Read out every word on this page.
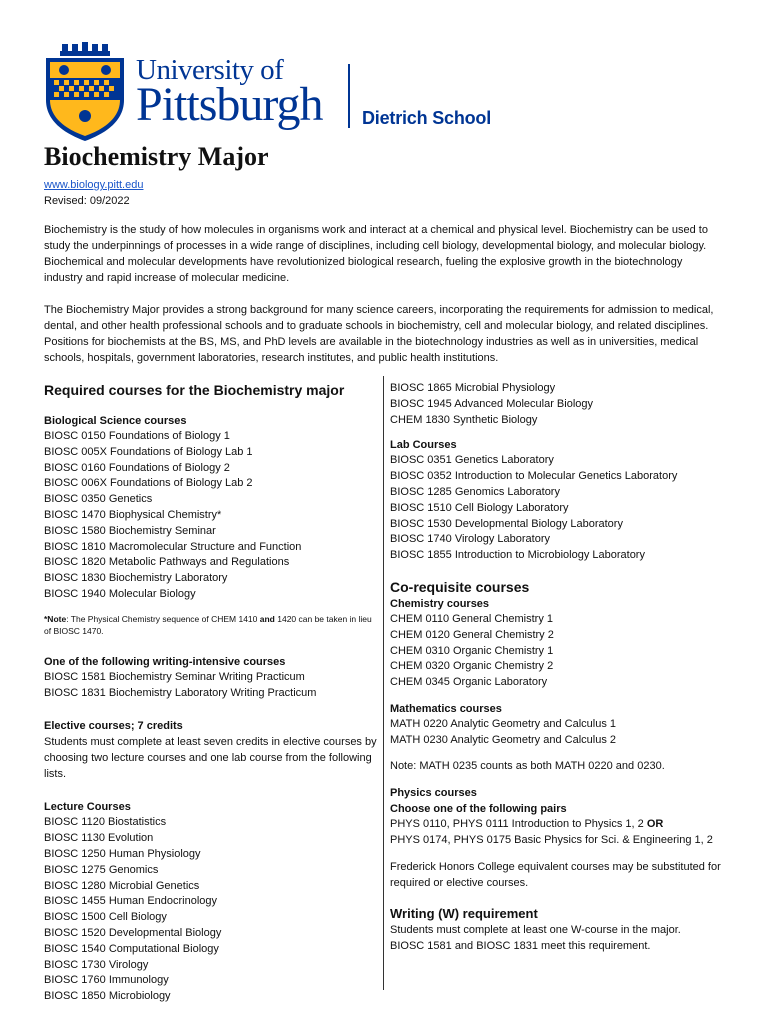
University of
Pittsburgh Dietrich School
Biochemistry Major
www.biology.pitt.edu
Revised: 09/2022

Biochemistry is the study of how molecules in organisms work and interact at a chemical and physical level. Biochemistry can be used to study the underpinnings of processes in a wide range of disciplines, including cell biology, developmental biology, and molecular biology. Biochemical and molecular developments have revolutionized biological research, fueling the explosive growth in the biotechnology industry and rapid increase of molecular medicine.

The Biochemistry Major provides a strong background for many science careers, incorporating the requirements for admission to medical, dental, and other health professional schools and to graduate schools in biochemistry, cell and molecular biology, and related disciplines. Positions for biochemists at the BS, MS, and PhD levels are available in the biotechnology industries as well as in universities, medical schools, hospitals, government laboratories, research institutes, and public health institutions.

Required courses for the Biochemistry major
Biological Science courses
BIOSC 0150 Foundations of Biology 1
BIOSC 005X Foundations of Biology Lab 1
BIOSC 0160 Foundations of Biology 2
BIOSC 006X Foundations of Biology Lab 2
BIOSC 0350 Genetics
BIOSC 1470 Biophysical Chemistry*
BIOSC 1580 Biochemistry Seminar
BIOSC 1810 Macromolecular Structure and Function
BIOSC 1820 Metabolic Pathways and Regulations
BIOSC 1830 Biochemistry Laboratory
BIOSC 1940 Molecular Biology
*Note: The Physical Chemistry sequence of CHEM 1410 and 1420 can be taken in lieu of BIOSC 1470.
One of the following writing-intensive courses
BIOSC 1581 Biochemistry Seminar Writing Practicum
BIOSC 1831 Biochemistry Laboratory Writing Practicum
Elective courses; 7 credits
Students must complete at least seven credits in elective courses by choosing two lecture courses and one lab course from the following lists.
Lecture Courses
BIOSC 1120 Biostatistics
BIOSC 1130 Evolution
BIOSC 1250 Human Physiology
BIOSC 1275 Genomics
BIOSC 1280 Microbial Genetics
BIOSC 1455 Human Endocrinology
BIOSC 1500 Cell Biology
BIOSC 1520 Developmental Biology
BIOSC 1540 Computational Biology
BIOSC 1730 Virology
BIOSC 1760 Immunology
BIOSC 1850 Microbiology
BIOSC 1865 Microbial Physiology
BIOSC 1945 Advanced Molecular Biology
CHEM 1830 Synthetic Biology
Lab Courses
BIOSC 0351 Genetics Laboratory
BIOSC 0352 Introduction to Molecular Genetics Laboratory
BIOSC 1285 Genomics Laboratory
BIOSC 1510 Cell Biology Laboratory
BIOSC 1530 Developmental Biology Laboratory
BIOSC 1740 Virology Laboratory
BIOSC 1855 Introduction to Microbiology Laboratory
Co-requisite courses
Chemistry courses
CHEM 0110 General Chemistry 1
CHEM 0120 General Chemistry 2
CHEM 0310 Organic Chemistry 1
CHEM 0320 Organic Chemistry 2
CHEM 0345 Organic Laboratory
Mathematics courses
MATH 0220 Analytic Geometry and Calculus 1
MATH 0230 Analytic Geometry and Calculus 2
Note: MATH 0235 counts as both MATH 0220 and 0230.
Physics courses
Choose one of the following pairs
PHYS 0110, PHYS 0111 Introduction to Physics 1, 2 OR
PHYS 0174, PHYS 0175 Basic Physics for Sci. & Engineering 1, 2
Frederick Honors College equivalent courses may be substituted for required or elective courses.
Writing (W) requirement
Students must complete at least one W-course in the major.
BIOSC 1581 and BIOSC 1831 meet this requirement.
